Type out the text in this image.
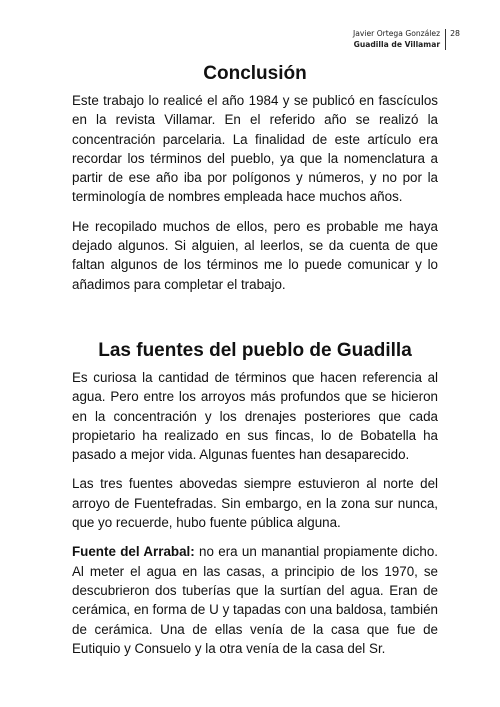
Javier Ortega González
Guadilla de Villamar
28
Conclusión

Este trabajo lo realicé el año 1984 y se publicó en fascículos en la revista Villamar. En el referido año se realizó la concentración parcelaria. La finalidad de este artículo era recordar los términos del pueblo, ya que la nomenclatura a partir de ese año iba por polígonos y números, y no por la terminología de nombres empleada hace muchos años.

He recopilado muchos de ellos, pero es probable me haya dejado algunos. Si alguien, al leerlos, se da cuenta de que faltan algunos de los términos me lo puede comunicar y lo añadimos para completar el trabajo.

Las fuentes del pueblo de Guadilla

Es curiosa la cantidad de términos que hacen referencia al agua. Pero entre los arroyos más profundos que se hicieron en la concentración y los drenajes posteriores que cada propietario ha realizado en sus fincas, lo de Bobatella ha pasado a mejor vida. Algunas fuentes han desaparecido.

Las tres fuentes abovedas siempre estuvieron al norte del arroyo de Fuentefradas. Sin embargo, en la zona sur nunca, que yo recuerde, hubo fuente pública alguna.

Fuente del Arrabal: no era un manantial propiamente dicho. Al meter el agua en las casas, a principio de los 1970, se descubrieron dos tuberías que la surtían del agua. Eran de cerámica, en forma de U y tapadas con una baldosa, también de cerámica. Una de ellas venía de la casa que fue de Eutiquio y Consuelo y la otra venía de la casa del Sr.
